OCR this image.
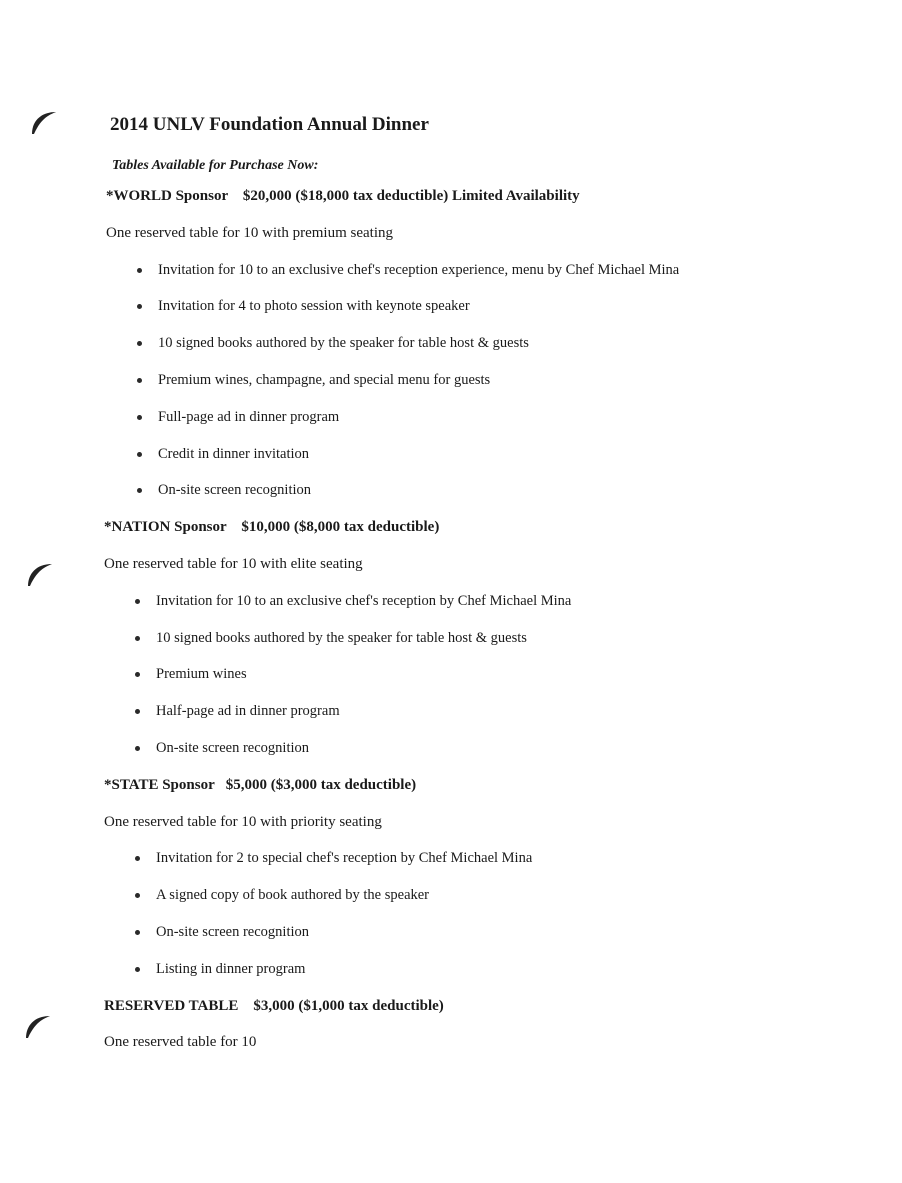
2014 UNLV Foundation Annual Dinner
Tables Available for Purchase Now:
*WORLD Sponsor $20,000 ($18,000 tax deductible) Limited Availability
One reserved table for 10 with premium seating
Invitation for 10 to an exclusive chef's reception experience, menu by Chef Michael Mina
Invitation for 4 to photo session with keynote speaker
10 signed books authored by the speaker for table host & guests
Premium wines, champagne, and special menu for guests
Full-page ad in dinner program
Credit in dinner invitation
On-site screen recognition
*NATION Sponsor $10,000 ($8,000 tax deductible)
One reserved table for 10 with elite seating
Invitation for 10 to an exclusive chef's reception by Chef Michael Mina
10 signed books authored by the speaker for table host & guests
Premium wines
Half-page ad in dinner program
On-site screen recognition
*STATE Sponsor $5,000 ($3,000 tax deductible)
One reserved table for 10 with priority seating
Invitation for 2 to special chef's reception by Chef Michael Mina
A signed copy of book authored by the speaker
On-site screen recognition
Listing in dinner program
RESERVED TABLE $3,000 ($1,000 tax deductible)
One reserved table for 10
